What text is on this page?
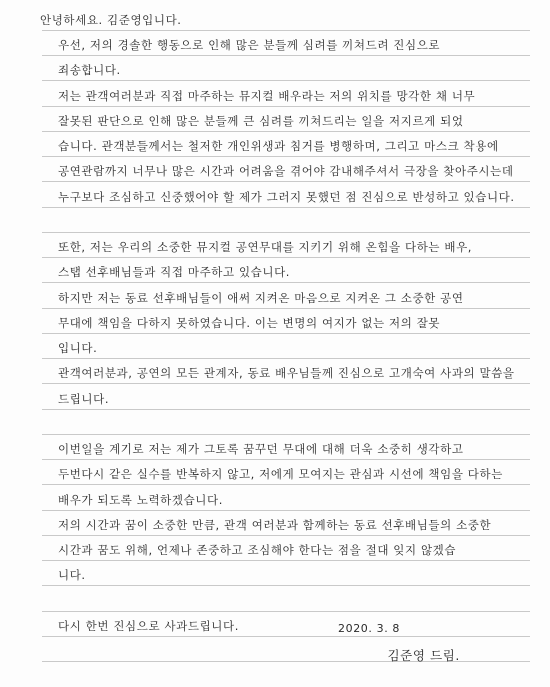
안녕하세요. 김준영입니다.
우선, 저의 경솔한 행동으로 인해 많은 분들께 심려를 끼쳐드려 진심으로
죄송합니다.
저는 관객여러분과 직접 마주하는 뮤지컬 배우라는 저의 위치를 망각한 채 너무
잘못된 판단으로 인해 많은 분들께 큰 심려를 끼쳐드리는 일을 저지르게 되었
습니다. 관객분들께서는 철저한 개인위생과 침거를 병행하며, 그리고 마스크 착용에
공연관람까지 너무나 많은 시간과 어려움을 겪어야 감내해주셔서 극장을 찾아주시는데
누구보다 조심하고 신중했어야 할 제가 그러지 못했던 점 진심으로 반성하고 있습니다.
또한, 저는 우리의 소중한 뮤지컬 공연무대를 지키기 위해 온힘을 다하는 배우,
스탭 선후배님들과 직접 마주하고 있습니다.
하지만 저는 동료 선후배님들이 애써 지켜온 마음으로 지켜온 그 소중한 공연
무대에 책임을 다하지 못하였습니다. 이는 변명의 여지가 없는 저의 잘못
입니다.
관객여러분과, 공연의 모든 관계자, 동료 배우님들께 진심으로 고개숙여 사과의 말씀을
드립니다.
이번일을 계기로 저는 제가 그토록 꿈꾸던 무대에 대해 더욱 소중히 생각하고
두번다시 같은 실수를 반복하지 않고, 저에게 모여지는 관심과 시선에 책임을 다하는
배우가 되도록 노력하겠습니다.
저의 시간과 꿈이 소중한 만큼, 관객 여러분과 함께하는 동료 선후배님들의 소중한
시간과 꿈도 위해, 언제나 존중하고 조심해야 한다는 점을 절대 잊지 않겠습
니다.
다시 한번 진심으로 사과드립니다.	2020. 3. 8
김준영 드림.
